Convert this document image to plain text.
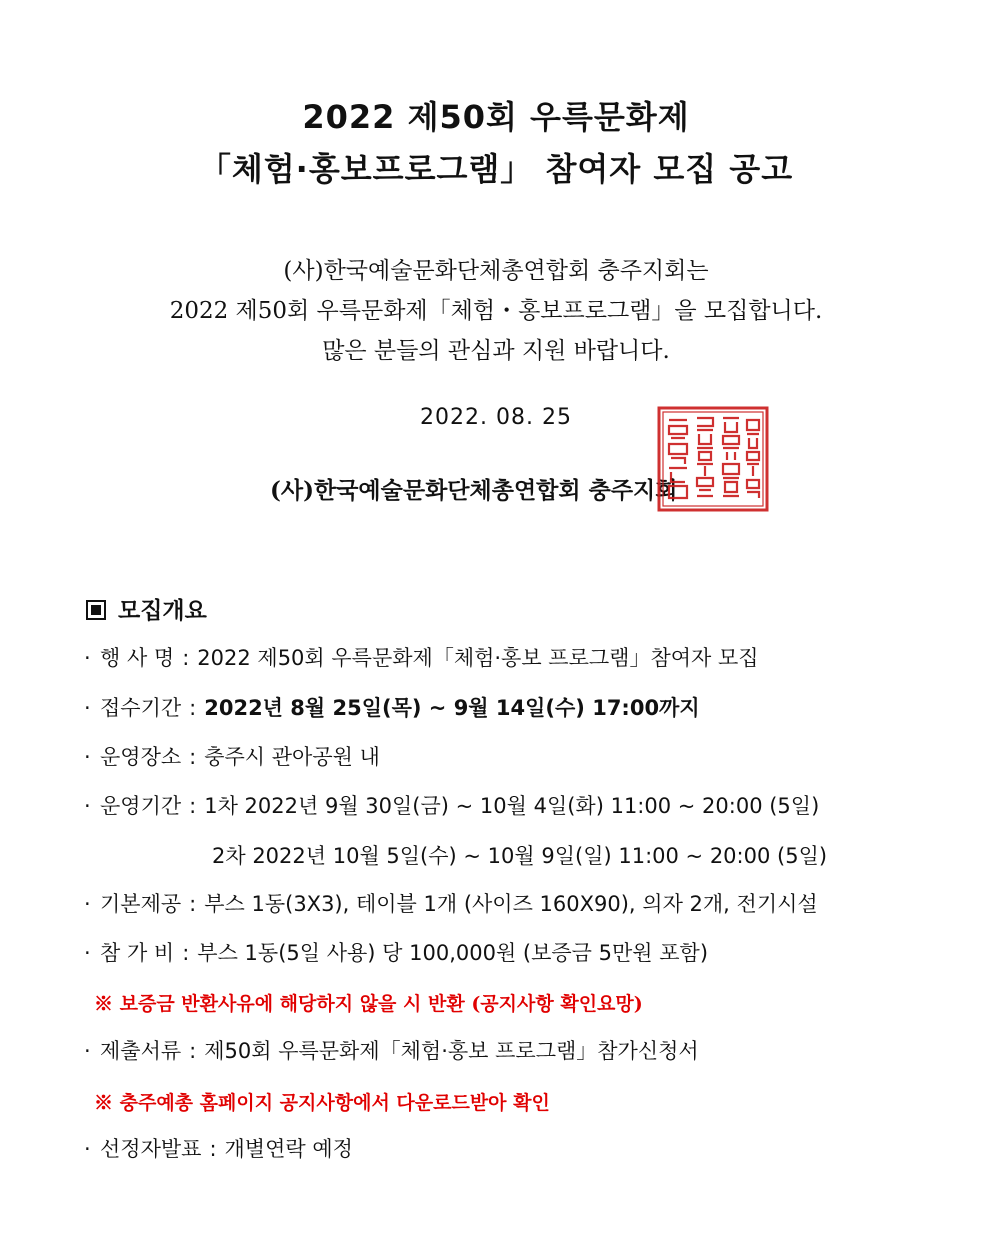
2022 제50회 우륵문화제
「체험·홍보프로그램」 참여자 모집 공고
(사)한국예술문화단체총연합회 충주지회는
2022 제50회 우륵문화제「체험・홍보프로그램」을 모집합니다.
많은 분들의 관심과 지원 바랍니다.
2022. 08. 25
(사)한국예술문화단체총연합회 충주지회
모집개요
· 행 사 명 : 2022 제50회 우륵문화제「체험·홍보 프로그램」참여자 모집
· 접수기간 : 2022년 8월 25일(목) ~ 9월 14일(수) 17:00까지
· 운영장소 : 충주시 관아공원 내
· 운영기간 : 1차 2022년 9월 30일(금) ~ 10월 4일(화) 11:00 ~ 20:00 (5일)
2차 2022년 10월 5일(수) ~ 10월 9일(일) 11:00 ~ 20:00 (5일)
· 기본제공 : 부스 1동(3X3), 테이블 1개 (사이즈 160X90), 의자 2개, 전기시설
· 참 가 비 : 부스 1동(5일 사용) 당 100,000원 (보증금 5만원 포함)
※ 보증금 반환사유에 해당하지 않을 시 반환 (공지사항 확인요망)
· 제출서류 : 제50회 우륵문화제「체험·홍보 프로그램」참가신청서
※ 충주예총 홈페이지 공지사항에서 다운로드받아 확인
· 선정자발표 : 개별연락 예정
